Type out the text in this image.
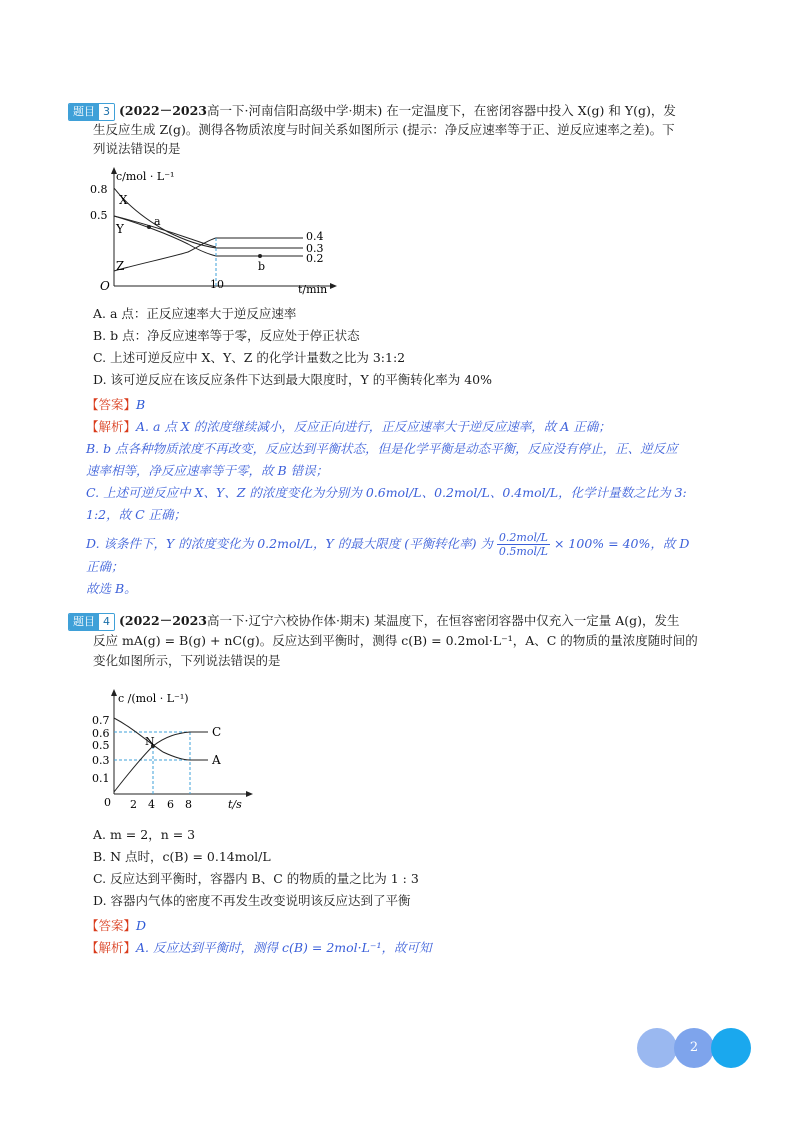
题目 3 (2022－2023高一下·河南信阳高级中学·期末) 在一定温度下，在密闭容器中投入 X(g) 和 Y(g)，发
生反应生成 Z(g)。测得各物质浓度与时间关系如图所示 (提示：净反应速率等于正、逆反应速率之差)。下
列说法错误的是
c/mol · L⁻¹
0.8
0.5
O	10	t/min
X
a
Y
Z	b
0.4
0.3
0.2
A. a 点：正反应速率大于逆反应速率
B. b 点：净反应速率等于零，反应处于停正状态
C. 上述可逆反应中 X、Y、Z 的化学计量数之比为 3:1:2
D. 该可逆反应在该反应条件下达到最大限度时，Y 的平衡转化率为 40%
【答案】B
【解析】A. a 点 X 的浓度继续减小，反应正向进行，正反应速率大于逆反应速率，故 A 正确；
B. b 点各种物质浓度不再改变，反应达到平衡状态，但是化学平衡是动态平衡，反应没有停止，正、逆反应
速率相等，净反应速率等于零，故 B 错误；
C. 上述可逆反应中 X、Y、Z 的浓度变化为分别为 0.6mol/L、0.2mol/L、0.4mol/L，化学计量数之比为 3:
1:2，故 C 正确；
D. 该条件下，Y 的浓度变化为 0.2mol/L，Y 的最大限度 (平衡转化率) 为 $\frac{\text{0.2mol/L}}{\text{0.5mol/L}} \times 100\% = 40\%$，故 D
正确；
故选 B。
题目 4 (2022－2023高一下·辽宁六校协作体·期末) 某温度下，在恒容密闭容器中仅充入一定量 A(g)，发生
反应 mA(g) = B(g) + nC(g)。反应达到平衡时，测得 c(B) = 0.2mol·L⁻¹，A、C 的物质的量浓度随时间的
变化如图所示，下列说法错误的是
c /(mol · L⁻¹)
0.7
0.6
0.5
0.3
0.1
0 2 4 6 8	t/s
N
C
A
A. m = 2，n = 3
B. N 点时，c(B) = 0.14mol/L
C. 反应达到平衡时，容器内 B、C 的物质的量之比为 1 : 3
D. 容器内气体的密度不再发生改变说明该反应达到了平衡
【答案】D
【解析】A. 反应达到平衡时，测得 c(B) = 2mol·L⁻¹，故可知
2
